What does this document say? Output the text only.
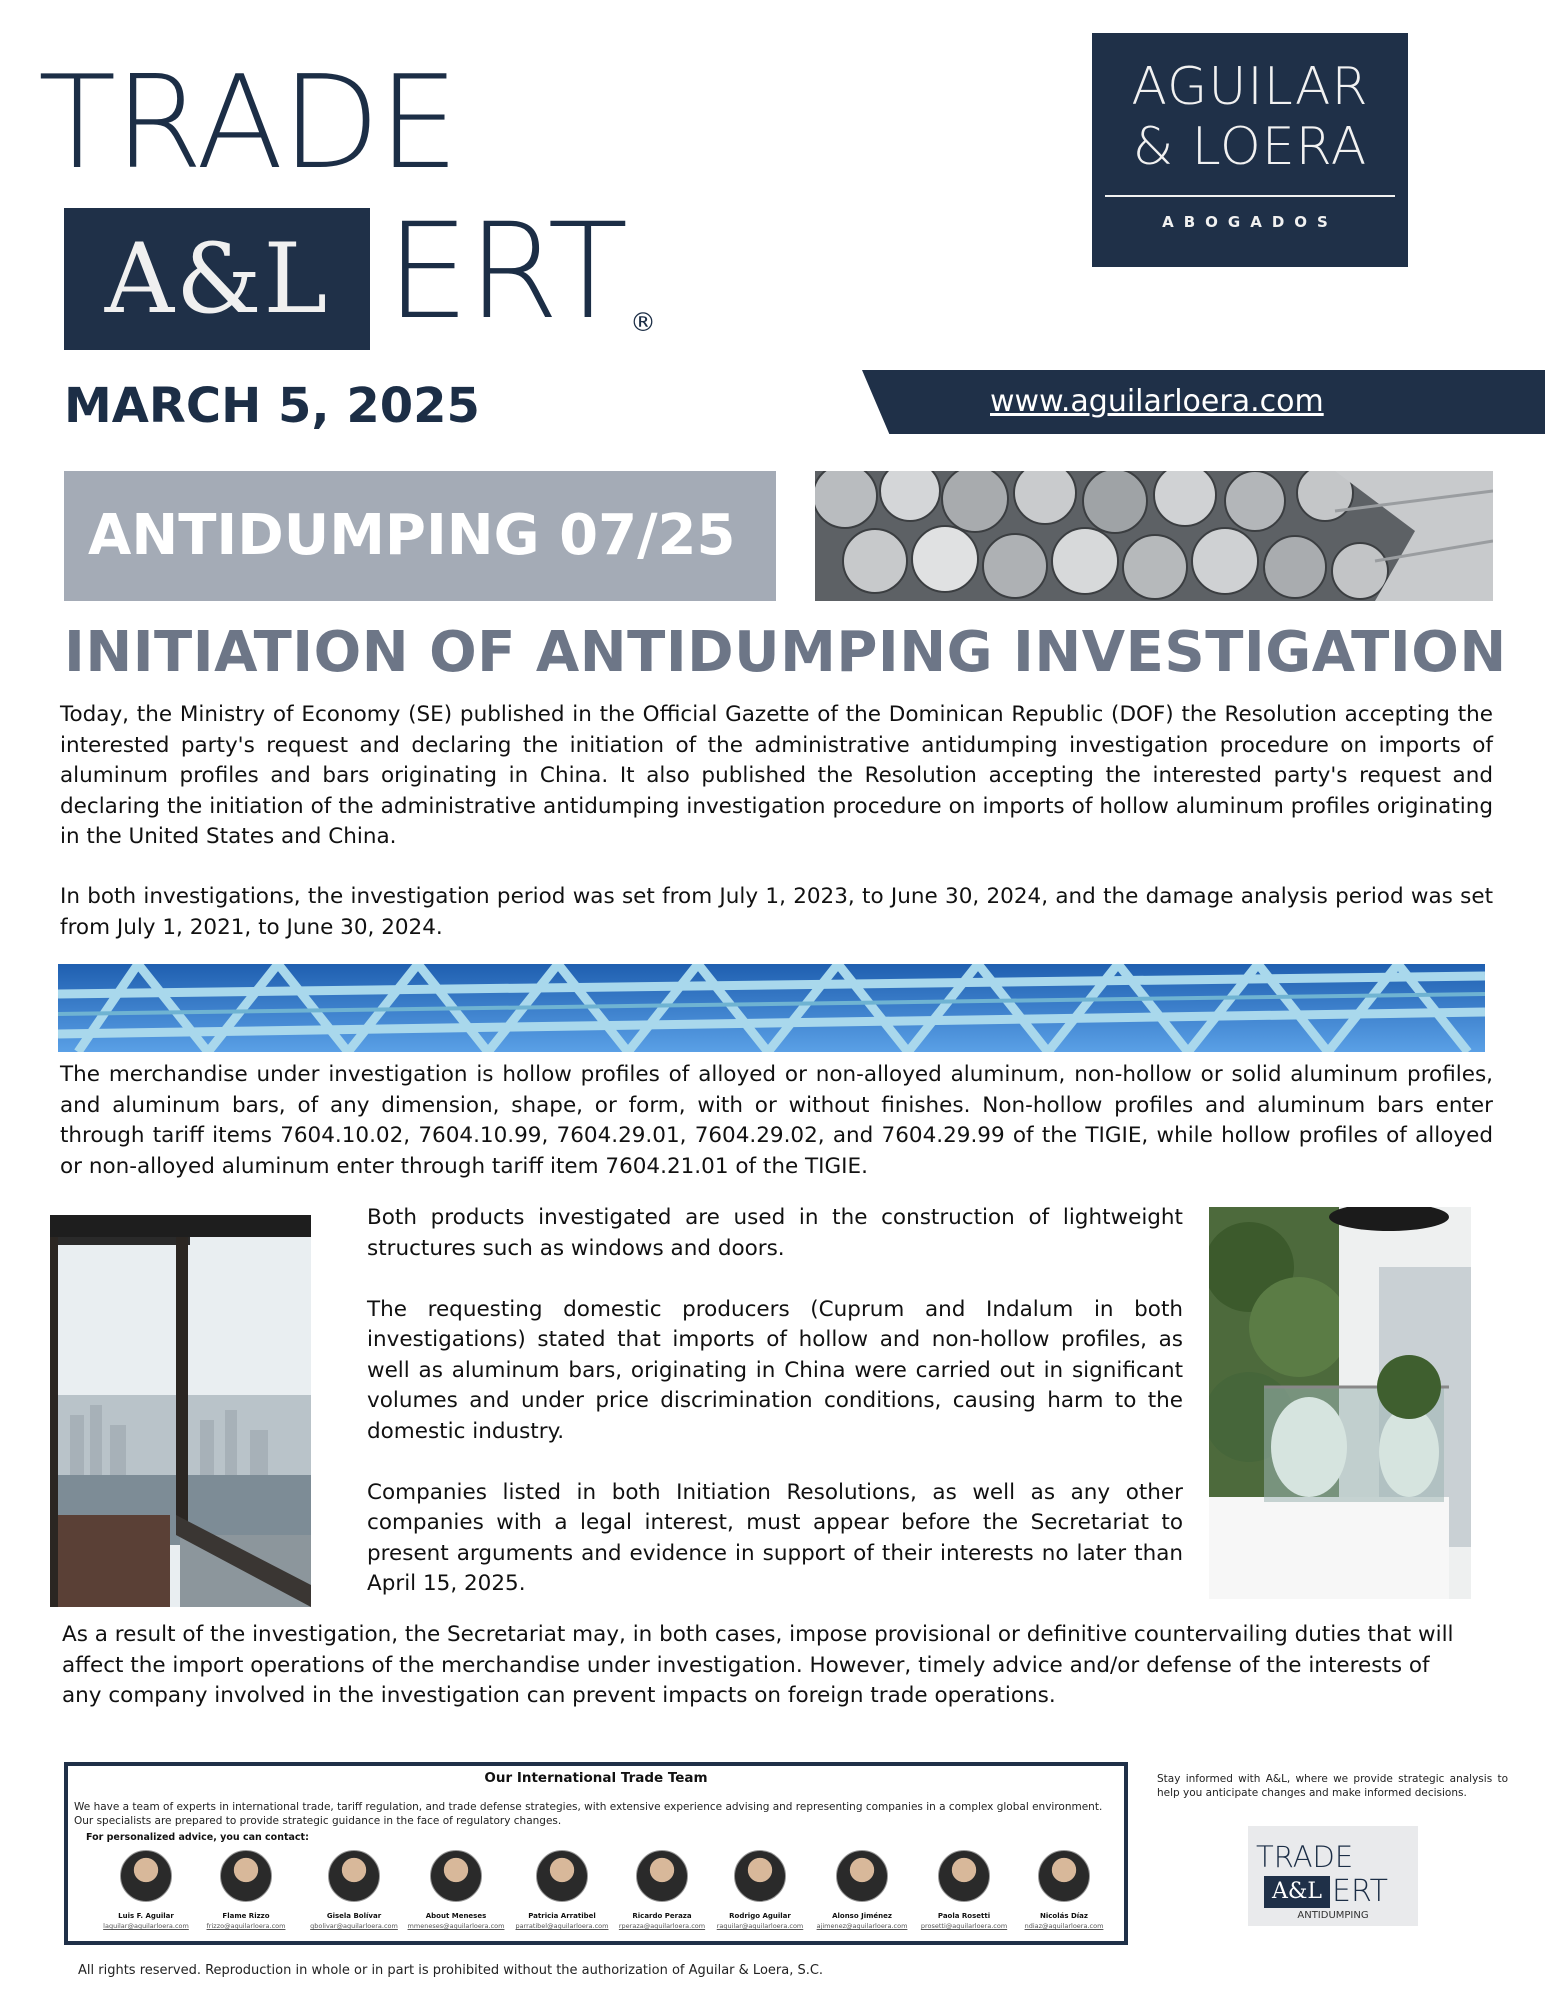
TRADE
A&L ERT ®
AGUILAR
& LOERA
ABOGADOS
MARCH 5, 2025	www.aguilarloera.com
ANTIDUMPING 07/25
INITIATION OF ANTIDUMPING INVESTIGATION

Today, the Ministry of Economy (SE) published in the Official Gazette of the Dominican Republic (DOF) the Resolution accepting the interested party's request and declaring the initiation of the administrative antidumping investigation procedure on imports of aluminum profiles and bars originating in China. It also published the Resolution accepting the interested party's request and declaring the initiation of the administrative antidumping investigation procedure on imports of hollow aluminum profiles originating in the United States and China.

In both investigations, the investigation period was set from July 1, 2023, to June 30, 2024, and the damage analysis period was set from July 1, 2021, to June 30, 2024.

The merchandise under investigation is hollow profiles of alloyed or non-alloyed aluminum, non-hollow or solid aluminum profiles, and aluminum bars, of any dimension, shape, or form, with or without finishes. Non-hollow profiles and aluminum bars enter through tariff items 7604.10.02, 7604.10.99, 7604.29.01, 7604.29.02, and 7604.29.99 of the TIGIE, while hollow profiles of alloyed or non-alloyed aluminum enter through tariff item 7604.21.01 of the TIGIE.

Both products investigated are used in the construction of lightweight structures such as windows and doors.

The requesting domestic producers (Cuprum and Indalum in both investigations) stated that imports of hollow and non-hollow profiles, as well as aluminum bars, originating in China were carried out in significant volumes and under price discrimination conditions, causing harm to the domestic industry.

Companies listed in both Initiation Resolutions, as well as any other companies with a legal interest, must appear before the Secretariat to present arguments and evidence in support of their interests no later than April 15, 2025.

As a result of the investigation, the Secretariat may, in both cases, impose provisional or definitive countervailing duties that will affect the import operations of the merchandise under investigation. However, timely advice and/or defense of the interests of any company involved in the investigation can prevent impacts on foreign trade operations.

Our International Trade Team
We have a team of experts in international trade, tariff regulation, and trade defense strategies, with extensive experience advising and representing companies in a complex global environment. Our specialists are prepared to provide strategic guidance in the face of regulatory changes.
For personalized advice, you can contact:
Luis F. Aguilar
laguilar@aguilarloera.com
Flame Rizzo
frizzo@aguilarloera.com
Gisela Bolívar
gbolivar@aguilarloera.com
About Meneses
mmeneses@aguilarloera.com
Patricia Arratibel
parratibel@aguilarloera.com
Ricardo Peraza
rperaza@aguilarloera.com
Rodrigo Aguilar
raguilar@aguilarloera.com
Alonso Jiménez
ajimenez@aguilarloera.com
Paola Rosetti
prosetti@aguilarloera.com
Nicolás Díaz
ndiaz@aguilarloera.com
Stay informed with A&L, where we provide strategic analysis to help you anticipate changes and make informed decisions.
TRADE
A&L ERT
ANTIDUMPING
All rights reserved. Reproduction in whole or in part is prohibited without the authorization of Aguilar & Loera, S.C.
